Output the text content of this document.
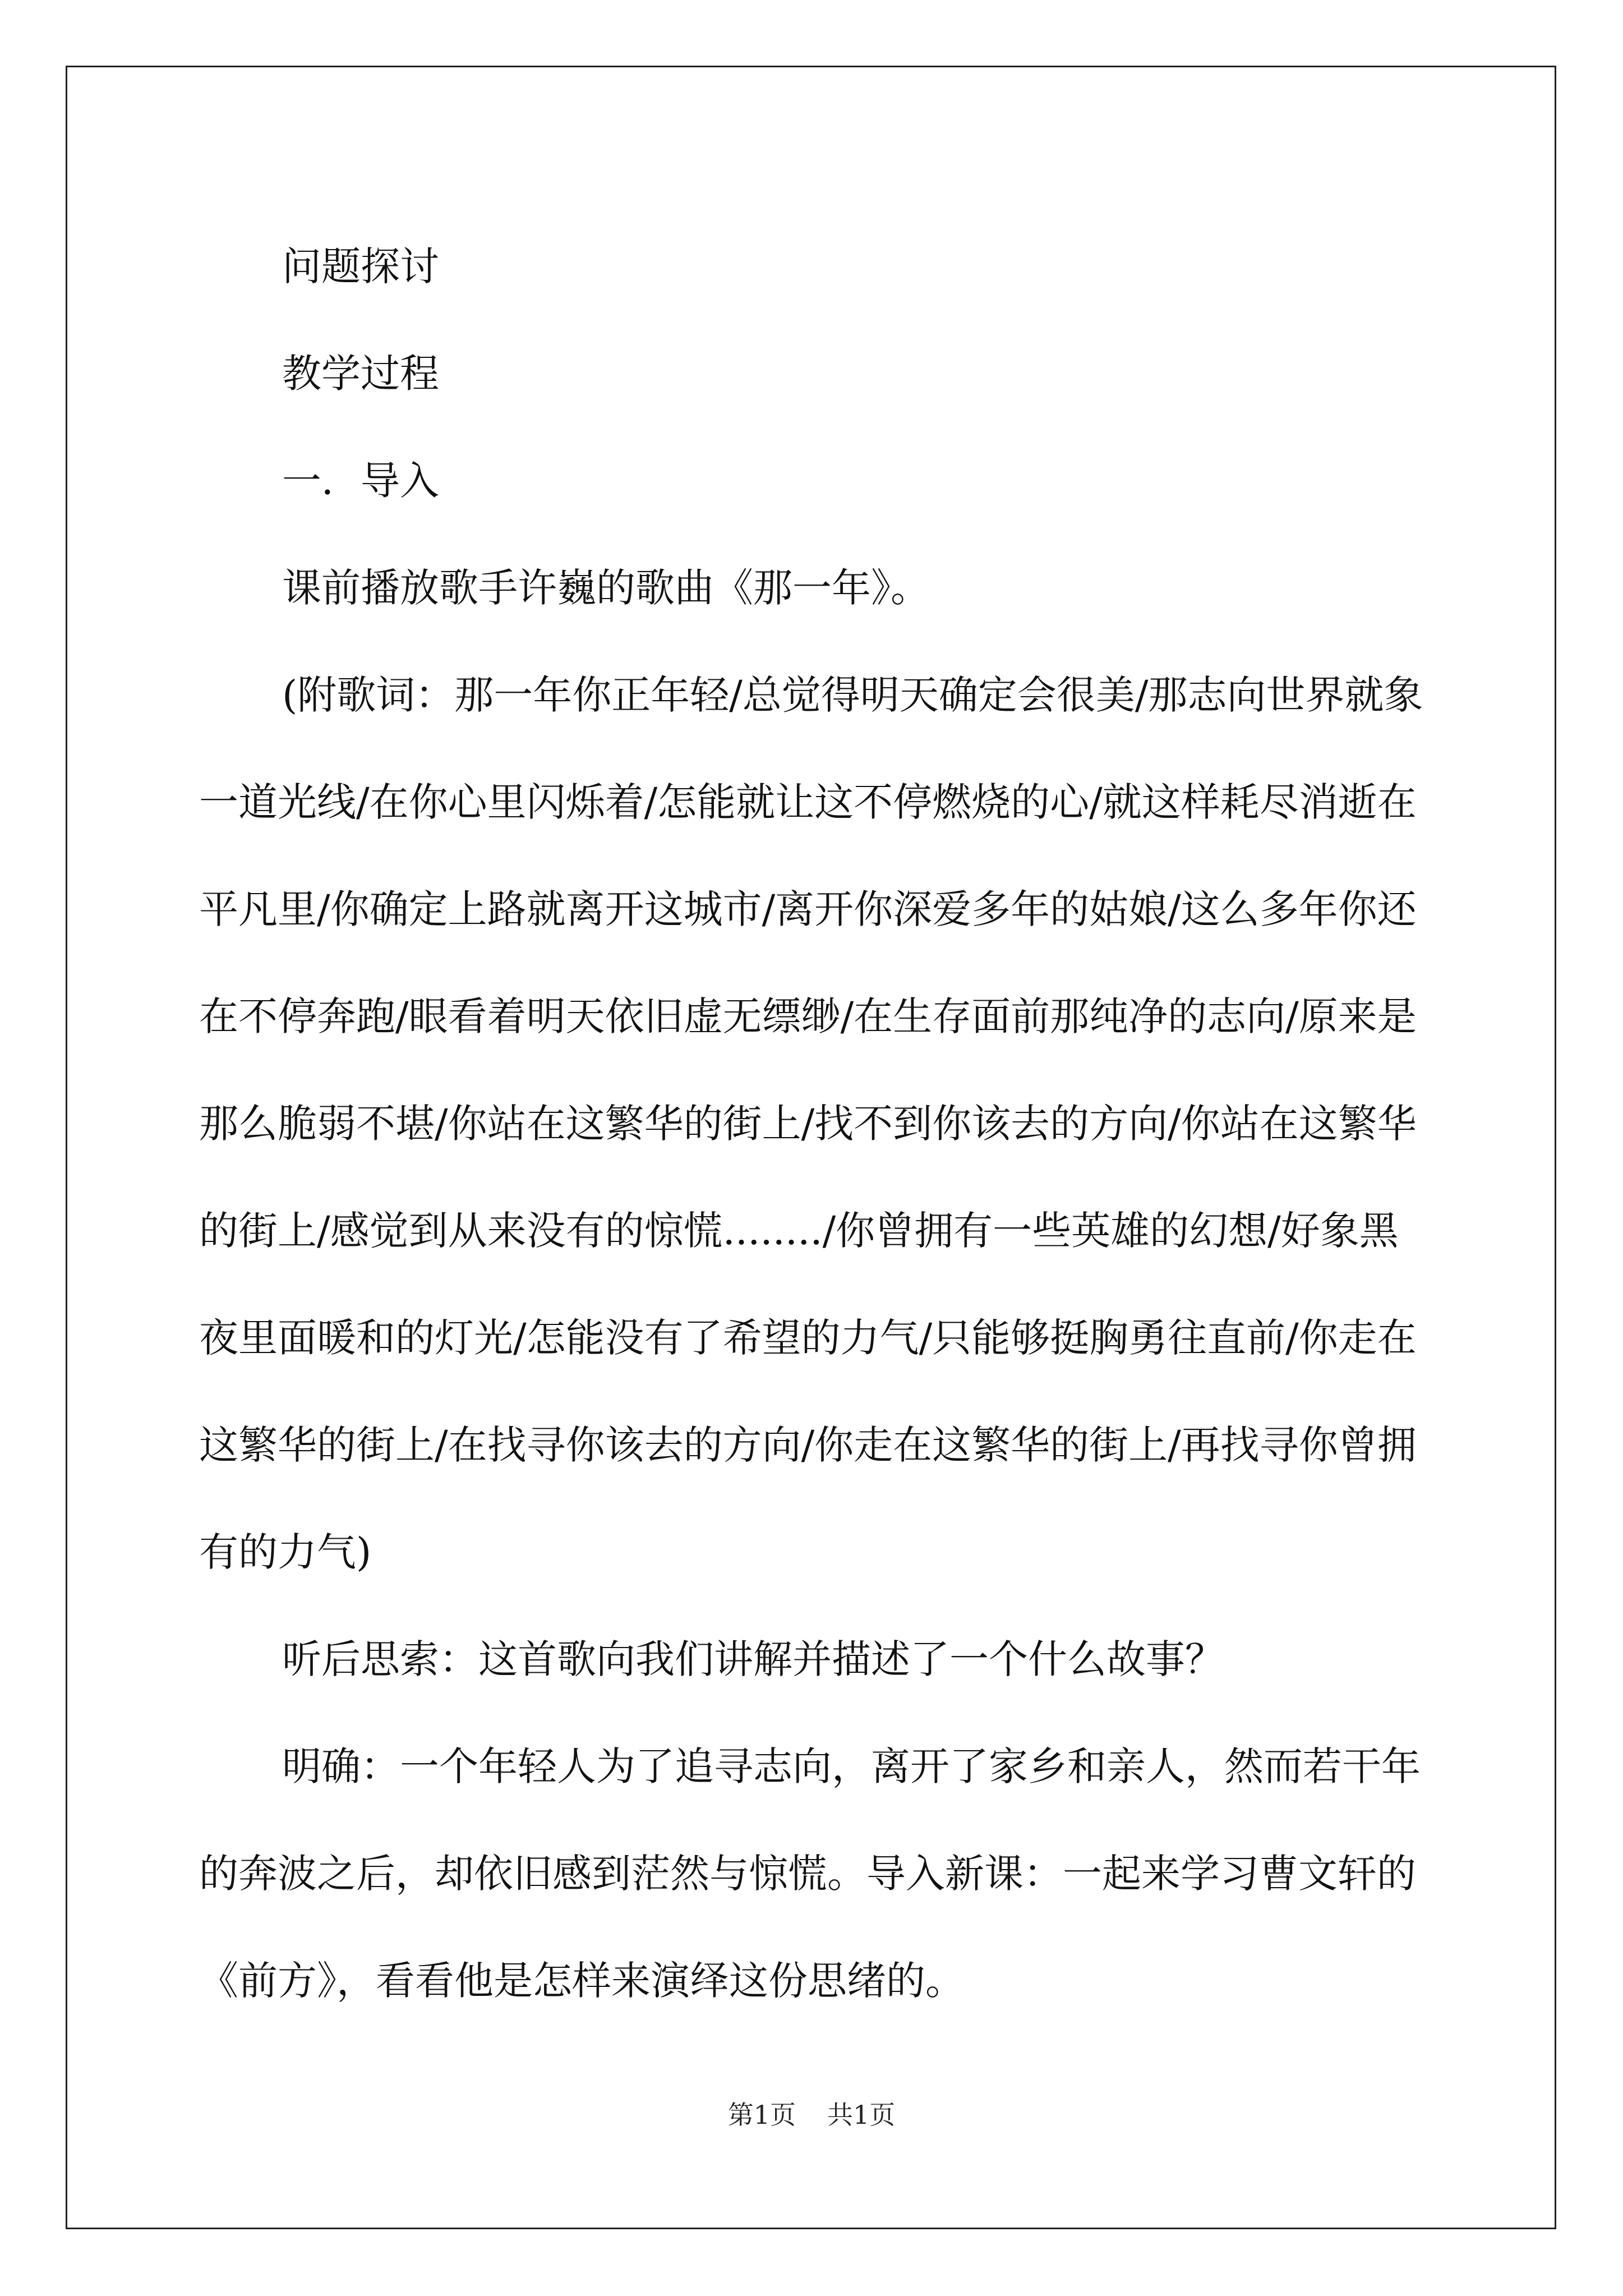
问题探讨

教学过程

一．导入

课前播放歌手许巍的歌曲《那一年》。

(附歌词：那一年你正年轻/总觉得明天确定会很美/那志向世界就象一道光线/在你心里闪烁着/怎能就让这不停燃烧的心/就这样耗尽消逝在平凡里/你确定上路就离开这城市/离开你深爱多年的姑娘/这么多年你还在不停奔跑/眼看着明天依旧虚无缥缈/在生存面前那纯净的志向/原来是那么脆弱不堪/你站在这繁华的街上/找不到你该去的方向/你站在这繁华的街上/感觉到从来没有的惊慌......../你曾拥有一些英雄的幻想/好象黑夜里面暖和的灯光/怎能没有了希望的力气/只能够挺胸勇往直前/你走在这繁华的街上/在找寻你该去的方向/你走在这繁华的街上/再找寻你曾拥有的力气)

听后思索：这首歌向我们讲解并描述了一个什么故事？

明确：一个年轻人为了追寻志向，离开了家乡和亲人，然而若干年的奔波之后，却依旧感到茫然与惊慌。导入新课：一起来学习曹文轩的《前方》，看看他是怎样来演绎这份思绪的。

第1页 共1页
